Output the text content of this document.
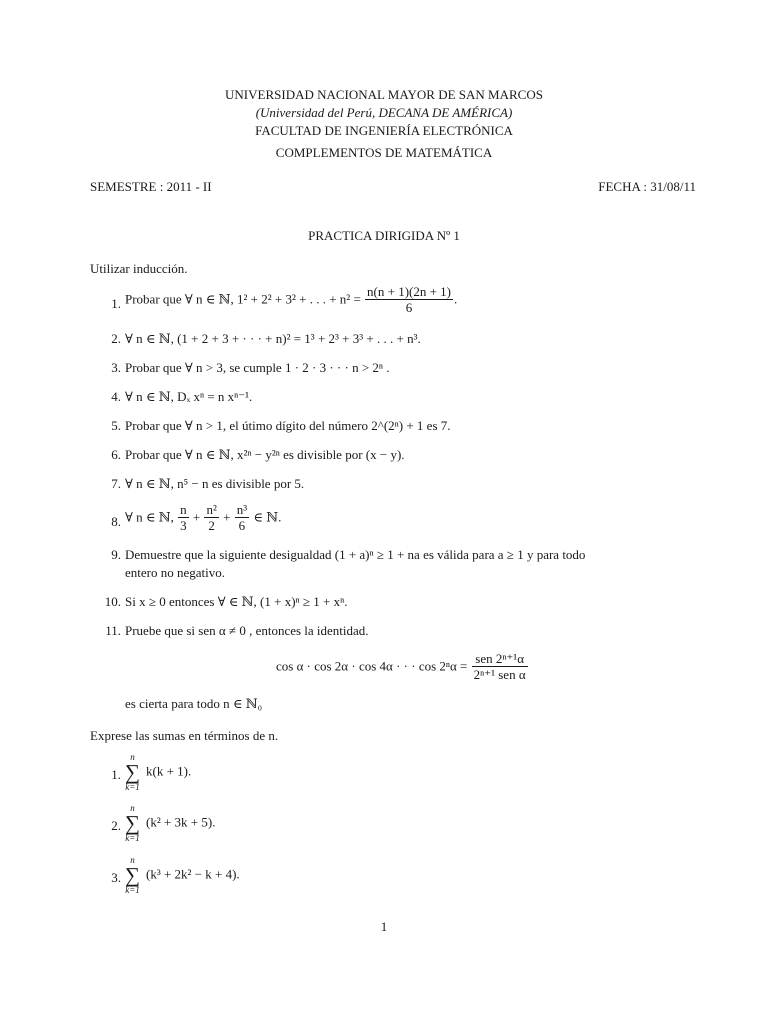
UNIVERSIDAD NACIONAL MAYOR DE SAN MARCOS
(Universidad del Perú, DECANA DE AMÉRICA)
FACULTAD DE INGENIERÍA ELECTRÓNICA
COMPLEMENTOS DE MATEMÁTICA
SEMESTRE : 2011 - II	FECHA : 31/08/11
PRACTICA DIRIGIDA Nº 1
Utilizar inducción.
1. Probar que ∀ n ∈ ℕ, 1² + 2² + 3² + . . . + $n^2 = \frac{n(n + 1)(2n + 1)}{6}$ .
2. ∀ n ∈ ℕ, (1 + 2 + 3 + · · · + n)² = 1³ + 2³ + 3³ + . . . + n³.
3. Probar que ∀ n > 3, se cumple 1 · 2 · 3 · · · n > 2ⁿ .
4. ∀ n ∈ ℕ, Dₓ xⁿ = n xⁿ⁻¹.
5. Probar que ∀ n > 1, el útimo dígito del número 2^(2ⁿ) + 1 es 7.
6. Probar que ∀ n ∈ ℕ, x²ⁿ − y²ⁿ es divisible por (x − y).
7. ∀ n ∈ ℕ, n⁵ − n es divisible por 5.
8. ∀ n ∈ ℕ, $\frac{n}{3} + \frac{\text{n²}}{2} + \frac{\text{n³}}{6}$ ∈ ℕ.
9. Demuestre que la siguiente desigualdad (1 + a)ⁿ ≥ 1 + na es válida para a ≥ 1 y para todo
entero no negativo.
10. Si x ≥ 0 entonces ∀ ∈ ℕ, (1 + x)ⁿ ≥ 1 + xⁿ.
11. Pruebe que si sen α ≠ 0 , entonces la identidad.
cos α · cos 2α · cos 4α · · · $\cos 2^n\alpha = \frac{\text{sen 2ⁿ⁺¹α}}{\text{2ⁿ⁺¹ sen α}}$
es cierta para todo n ∈ ℕ₀
Exprese las sumas en términos de n.
1.
n
∑
k=1
k(k + 1).
2.
n
∑
k=1
(k² + 3k + 5).
3.
n
∑
k=1
(k³ + 2k² − k + 4).
1
